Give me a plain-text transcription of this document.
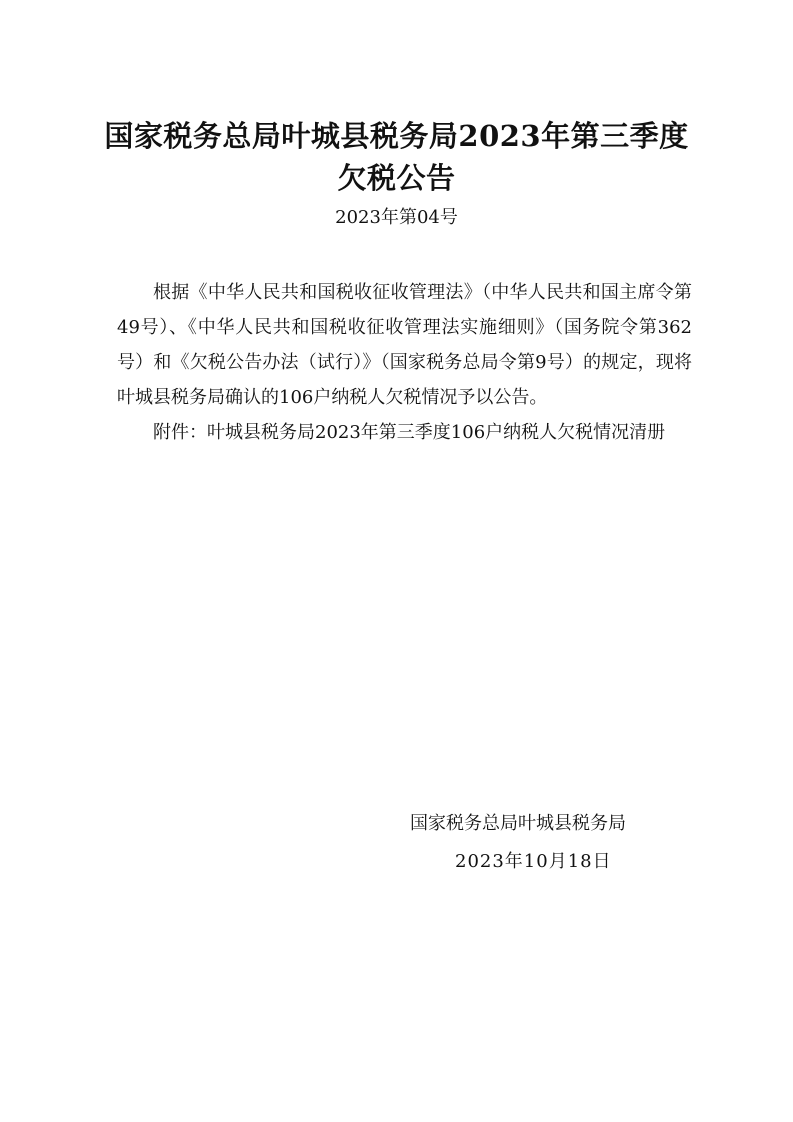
国家税务总局叶城县税务局2023年第三季度
欠税公告
2023年第04号

根据《中华人民共和国税收征收管理法》（中华人民共和国主席令第49号）、《中华人民共和国税收征收管理法实施细则》（国务院令第362号）和《欠税公告办法（试行）》（国家税务总局令第9号）的规定，现将叶城县税务局确认的106户纳税人欠税情况予以公告。

附件：叶城县税务局2023年第三季度106户纳税人欠税情况清册

国家税务总局叶城县税务局
2023年10月18日
